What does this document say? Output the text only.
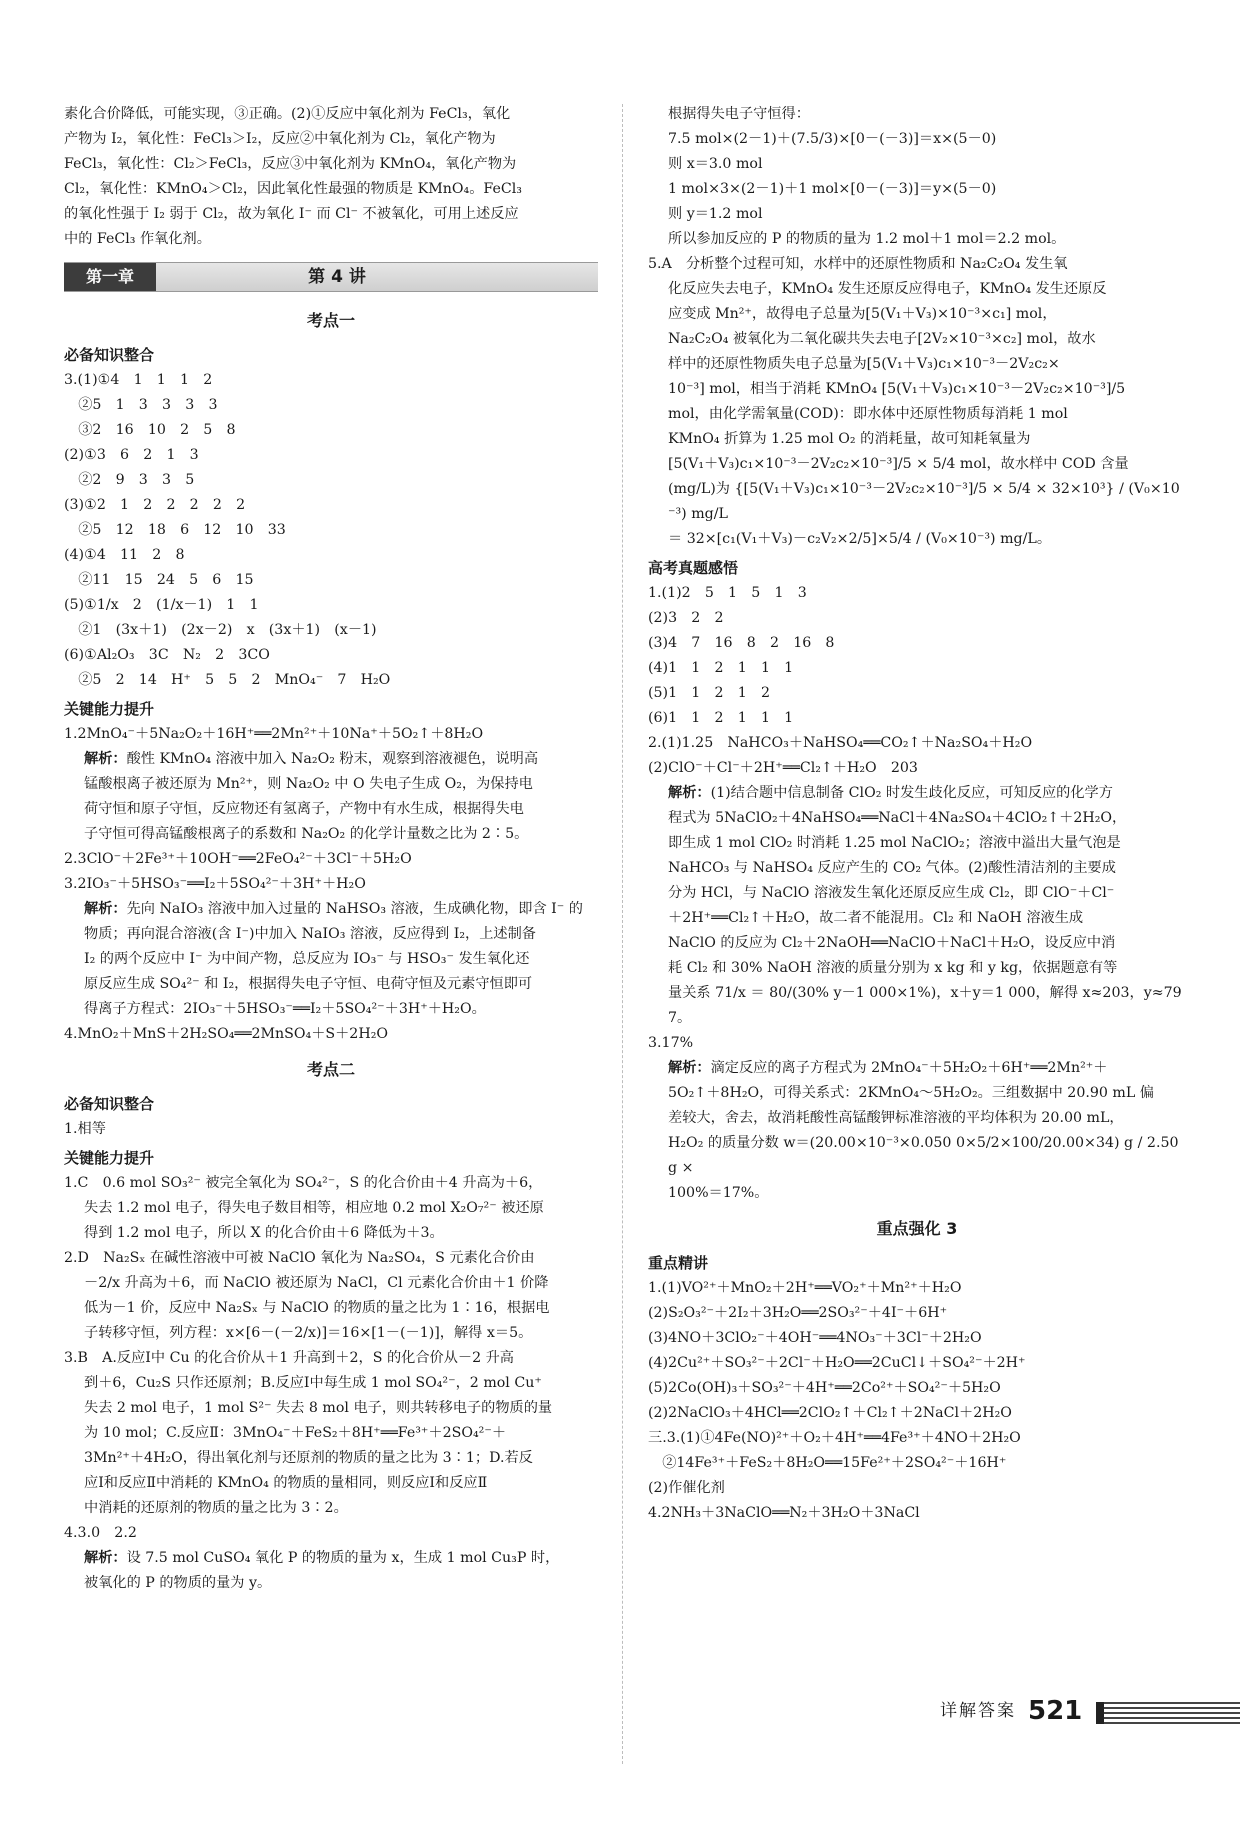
素化合价降低，可能实现，③正确。(2)①反应中氧化剂为 FeCl₃，氧化
产物为 I₂，氧化性：FeCl₃＞I₂，反应②中氧化剂为 Cl₂，氧化产物为
FeCl₃，氧化性：Cl₂＞FeCl₃，反应③中氧化剂为 KMnO₄，氧化产物为
Cl₂，氧化性：KMnO₄＞Cl₂，因此氧化性最强的物质是 KMnO₄。FeCl₃
的氧化性强于 I₂ 弱于 Cl₂，故为氧化 I⁻ 而 Cl⁻ 不被氧化，可用上述反应
中的 FeCl₃ 作氧化剂。
第一章	第 4 讲
考点一
必备知识整合
3.(1)①4　1　1　1　2
　②5　1　3　3　3　3
　③2　16　10　2　5　8
(2)①3　6　2　1　3
　②2　9　3　3　5
(3)①2　1　2　2　2　2　2
　②5　12　18　6　12　10　33
(4)①4　11　2　8
　②11　15　24　5　6　15
(5)①1/x　2　(1/x－1)　1　1
　②1　(3x＋1)　(2x－2)　x　(3x＋1)　(x－1)
(6)①Al₂O₃　3C　N₂　2　3CO
　②5　2　14　H⁺　5　5　2　MnO₄⁻　7　H₂O
关键能力提升
1.2MnO₄⁻＋5Na₂O₂＋16H⁺══2Mn²⁺＋10Na⁺＋5O₂↑＋8H₂O
解析：酸性 KMnO₄ 溶液中加入 Na₂O₂ 粉末，观察到溶液褪色，说明高
锰酸根离子被还原为 Mn²⁺，则 Na₂O₂ 中 O 失电子生成 O₂，为保持电
荷守恒和原子守恒，反应物还有氢离子，产物中有水生成，根据得失电
子守恒可得高锰酸根离子的系数和 Na₂O₂ 的化学计量数之比为 2∶5。
2.3ClO⁻＋2Fe³⁺＋10OH⁻══2FeO₄²⁻＋3Cl⁻＋5H₂O
3.2IO₃⁻＋5HSO₃⁻══I₂＋5SO₄²⁻＋3H⁺＋H₂O
解析：先向 NaIO₃ 溶液中加入过量的 NaHSO₃ 溶液，生成碘化物，即含 I⁻ 的
物质；再向混合溶液(含 I⁻)中加入 NaIO₃ 溶液，反应得到 I₂，上述制备
I₂ 的两个反应中 I⁻ 为中间产物，总反应为 IO₃⁻ 与 HSO₃⁻ 发生氧化还
原反应生成 SO₄²⁻ 和 I₂，根据得失电子守恒、电荷守恒及元素守恒即可
得离子方程式：2IO₃⁻＋5HSO₃⁻══I₂＋5SO₄²⁻＋3H⁺＋H₂O。
4.MnO₂＋MnS＋2H₂SO₄══2MnSO₄＋S＋2H₂O
考点二
必备知识整合
1.相等
关键能力提升
1.C　0.6 mol SO₃²⁻ 被完全氧化为 SO₄²⁻，S 的化合价由＋4 升高为＋6，
失去 1.2 mol 电子，得失电子数目相等，相应地 0.2 mol X₂O₇²⁻ 被还原
得到 1.2 mol 电子，所以 X 的化合价由＋6 降低为＋3。
2.D　Na₂Sₓ 在碱性溶液中可被 NaClO 氧化为 Na₂SO₄，S 元素化合价由
－2/x 升高为＋6，而 NaClO 被还原为 NaCl，Cl 元素化合价由＋1 价降
低为－1 价，反应中 Na₂Sₓ 与 NaClO 的物质的量之比为 1∶16，根据电
子转移守恒，列方程：x×[6－(－2/x)]＝16×[1－(－1)]，解得 x＝5。
3.B　A.反应Ⅰ中 Cu 的化合价从＋1 升高到＋2，S 的化合价从－2 升高
到＋6，Cu₂S 只作还原剂；B.反应Ⅰ中每生成 1 mol SO₄²⁻，2 mol Cu⁺
失去 2 mol 电子，1 mol S²⁻ 失去 8 mol 电子，则共转移电子的物质的量
为 10 mol；C.反应Ⅱ：3MnO₄⁻＋FeS₂＋8H⁺══Fe³⁺＋2SO₄²⁻＋
3Mn²⁺＋4H₂O，得出氧化剂与还原剂的物质的量之比为 3∶1；D.若反
应Ⅰ和反应Ⅱ中消耗的 KMnO₄ 的物质的量相同，则反应Ⅰ和反应Ⅱ
中消耗的还原剂的物质的量之比为 3∶2。
4.3.0　2.2
解析：设 7.5 mol CuSO₄ 氧化 P 的物质的量为 x，生成 1 mol Cu₃P 时，
被氧化的 P 的物质的量为 y。
根据得失电子守恒得：
7.5 mol×(2－1)＋(7.5/3)×[0－(－3)]＝x×(5－0)
则 x＝3.0 mol
1 mol×3×(2－1)＋1 mol×[0－(－3)]＝y×(5－0)
则 y＝1.2 mol
所以参加反应的 P 的物质的量为 1.2 mol＋1 mol＝2.2 mol。
5.A　分析整个过程可知，水样中的还原性物质和 Na₂C₂O₄ 发生氧
化反应失去电子，KMnO₄ 发生还原反应得电子，KMnO₄ 发生还原反
应变成 Mn²⁺，故得电子总量为[5(V₁＋V₃)×10⁻³×c₁] mol，
Na₂C₂O₄ 被氧化为二氧化碳共失去电子[2V₂×10⁻³×c₂] mol，故水
样中的还原性物质失电子总量为[5(V₁＋V₃)c₁×10⁻³－2V₂c₂×
10⁻³] mol，相当于消耗 KMnO₄ [5(V₁＋V₃)c₁×10⁻³－2V₂c₂×10⁻³]/5
mol，由化学需氧量(COD)：即水体中还原性物质每消耗 1 mol
KMnO₄ 折算为 1.25 mol O₂ 的消耗量，故可知耗氧量为
[5(V₁＋V₃)c₁×10⁻³－2V₂c₂×10⁻³]/5 × 5/4 mol，故水样中 COD 含量
(mg/L)为 {[5(V₁＋V₃)c₁×10⁻³－2V₂c₂×10⁻³]/5 × 5/4 × 32×10³} / (V₀×10⁻³) mg/L
＝ 32×[c₁(V₁＋V₃)－c₂V₂×2/5]×5/4 / (V₀×10⁻³) mg/L。
高考真题感悟
1.(1)2　5　1　5　1　3
(2)3　2　2
(3)4　7　16　8　2　16　8
(4)1　1　2　1　1　1
(5)1　1　2　1　2
(6)1　1　2　1　1　1
2.(1)1.25　NaHCO₃＋NaHSO₄══CO₂↑＋Na₂SO₄＋H₂O
(2)ClO⁻＋Cl⁻＋2H⁺══Cl₂↑＋H₂O　203
解析：(1)结合题中信息制备 ClO₂ 时发生歧化反应，可知反应的化学方
程式为 5NaClO₂＋4NaHSO₄══NaCl＋4Na₂SO₄＋4ClO₂↑＋2H₂O，
即生成 1 mol ClO₂ 时消耗 1.25 mol NaClO₂；溶液中溢出大量气泡是
NaHCO₃ 与 NaHSO₄ 反应产生的 CO₂ 气体。(2)酸性清洁剂的主要成
分为 HCl，与 NaClO 溶液发生氧化还原反应生成 Cl₂，即 ClO⁻＋Cl⁻
＋2H⁺══Cl₂↑＋H₂O，故二者不能混用。Cl₂ 和 NaOH 溶液生成
NaClO 的反应为 Cl₂＋2NaOH══NaClO＋NaCl＋H₂O，设反应中消
耗 Cl₂ 和 30% NaOH 溶液的质量分别为 x kg 和 y kg，依据题意有等
量关系 71/x ＝ 80/(30% y－1 000×1%)，x＋y＝1 000，解得 x≈203，y≈797。
3.17%
解析：滴定反应的离子方程式为 2MnO₄⁻＋5H₂O₂＋6H⁺══2Mn²⁺＋
5O₂↑＋8H₂O，可得关系式：2KMnO₄～5H₂O₂。三组数据中 20.90 mL 偏
差较大，舍去，故消耗酸性高锰酸钾标准溶液的平均体积为 20.00 mL，
H₂O₂ 的质量分数 w＝(20.00×10⁻³×0.050 0×5/2×100/20.00×34) g / 2.50 g ×
100%＝17%。
重点强化 3
重点精讲
1.(1)VO²⁺＋MnO₂＋2H⁺══VO₂⁺＋Mn²⁺＋H₂O
(2)S₂O₃²⁻＋2I₂＋3H₂O══2SO₃²⁻＋4I⁻＋6H⁺
(3)4NO＋3ClO₂⁻＋4OH⁻══4NO₃⁻＋3Cl⁻＋2H₂O
(4)2Cu²⁺＋SO₃²⁻＋2Cl⁻＋H₂O══2CuCl↓＋SO₄²⁻＋2H⁺
(5)2Co(OH)₃＋SO₃²⁻＋4H⁺══2Co²⁺＋SO₄²⁻＋5H₂O
(2)2NaClO₃＋4HCl══2ClO₂↑＋Cl₂↑＋2NaCl＋2H₂O
三.3.(1)①4Fe(NO)²⁺＋O₂＋4H⁺══4Fe³⁺＋4NO＋2H₂O
　②14Fe³⁺＋FeS₂＋8H₂O══15Fe²⁺＋2SO₄²⁻＋16H⁺
(2)作催化剂
4.2NH₃＋3NaClO══N₂＋3H₂O＋3NaCl
详解答案 521
